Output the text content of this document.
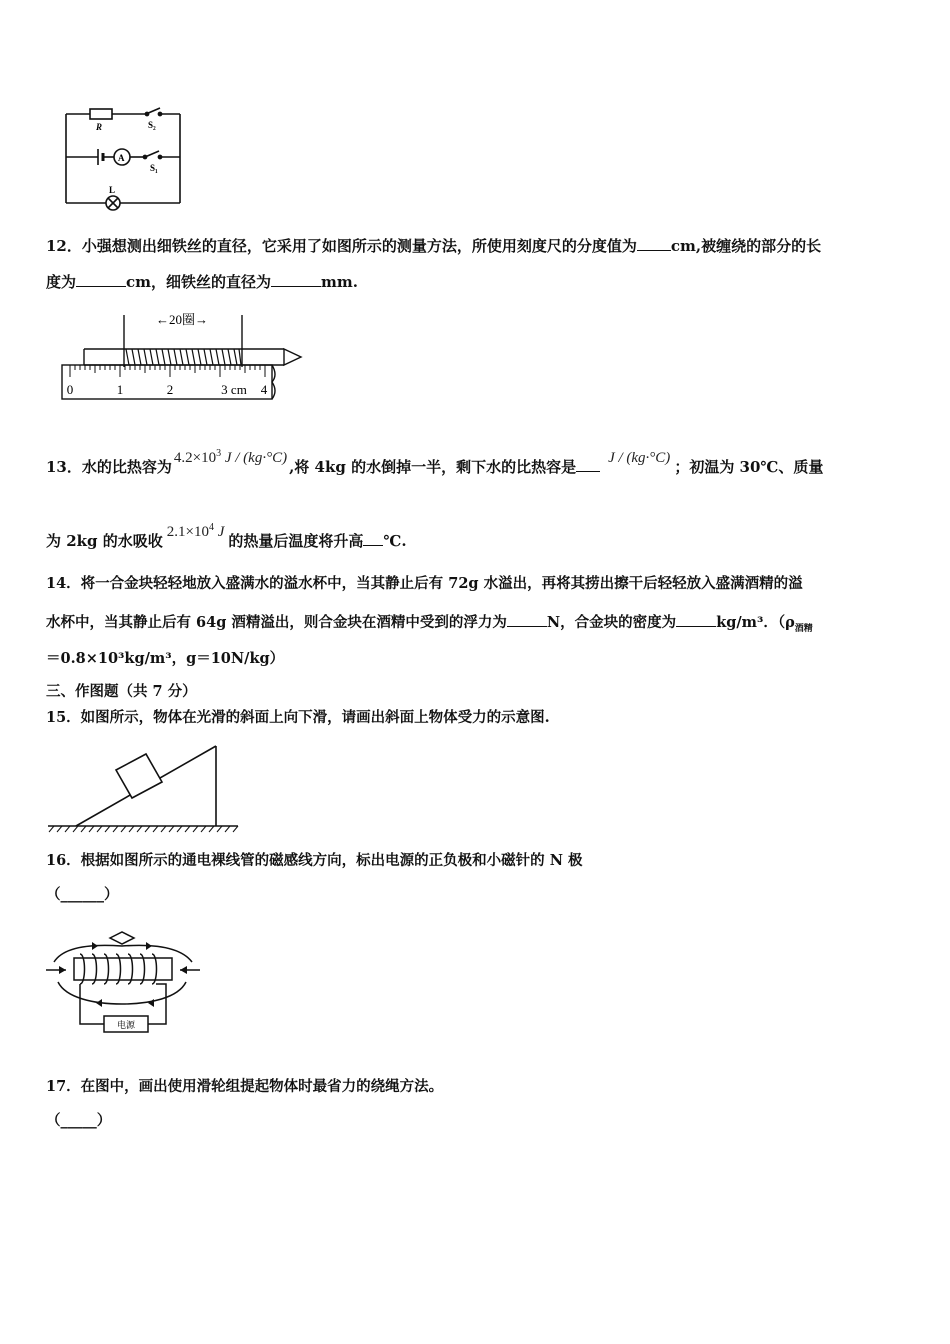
R	S₂
A
S₁
L
12．小强想测出细铁丝的直径，它采用了如图所示的测量方法，所使用刻度尺的分度值为 cm,被缠绕的部分的长
度为	cm，细铁丝的直径为	mm.
←20圈→
0	1	2	3 cm 4
13．水的比热容为 $4.2\times 10^3$ J / (kg·°C) ,将 4kg 的水倒掉一半，剩下水的比热容是 J / (kg·°C) ；初温为 30℃、质量
为 2kg 的水吸收 $2.1\times 10^4$ J 的热量后温度将升高 ℃.
14．将一合金块轻轻地放入盛满水的溢水杯中，当其静止后有 72g 水溢出，再将其捞出擦干后轻轻放入盛满酒精的溢
水杯中，当其静止后有 64g 酒精溢出，则合金块在酒精中受到的浮力为	N，合金块的密度为	kg/m³．（$\rho_{酒精}$
＝0.8×10³kg/m³，g＝10N/kg）
三、作图题（共 7 分）
15．如图所示，物体在光滑的斜面上向下滑，请画出斜面上物体受力的示意图.
16．根据如图所示的通电裸线管的磁感线方向，标出电源的正负极和小磁针的 N 极
（______）
电源
17．在图中，画出使用滑轮组提起物体时最省力的绕绳方法。
（_____）
